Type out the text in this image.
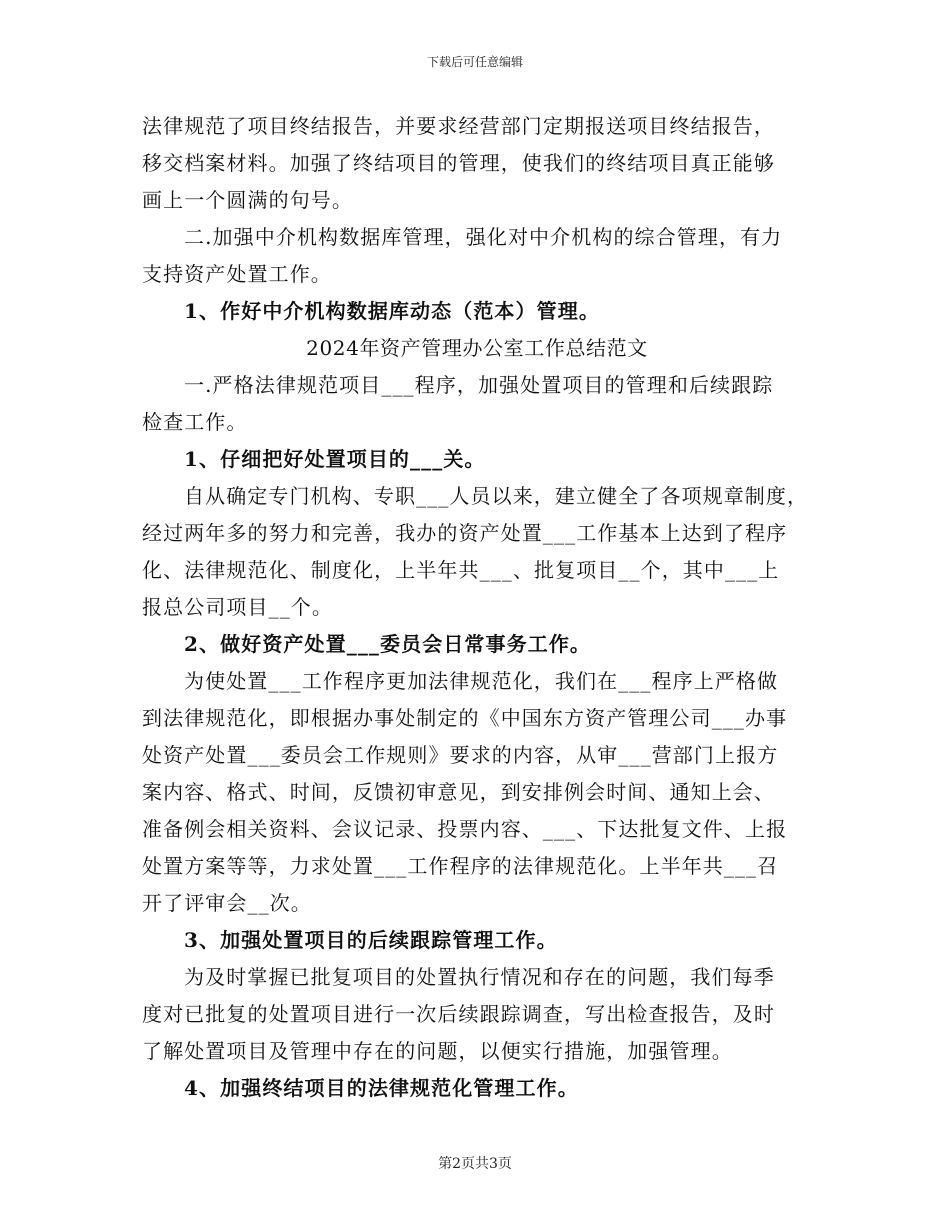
下载后可任意编辑
法律规范了项目终结报告，并要求经营部门定期报送项目终结报告，
移交档案材料。加强了终结项目的管理，使我们的终结项目真正能够
画上一个圆满的句号。
二.加强中介机构数据库管理，强化对中介机构的综合管理，有力
支持资产处置工作。
1、作好中介机构数据库动态（范本）管理。
2024年资产管理办公室工作总结范文
一.严格法律规范项目___程序，加强处置项目的管理和后续跟踪
检查工作。
1、仔细把好处置项目的___关。
自从确定专门机构、专职___人员以来，建立健全了各项规章制度，
经过两年多的努力和完善，我办的资产处置___工作基本上达到了程序
化、法律规范化、制度化，上半年共___、批复项目__个，其中___上
报总公司项目__个。
2、做好资产处置___委员会日常事务工作。
为使处置___工作程序更加法律规范化，我们在___程序上严格做
到法律规范化，即根据办事处制定的《中国东方资产管理公司___办事
处资产处置___委员会工作规则》要求的内容，从审___营部门上报方
案内容、格式、时间，反馈初审意见，到安排例会时间、通知上会、
准备例会相关资料、会议记录、投票内容、___、下达批复文件、上报
处置方案等等，力求处置___工作程序的法律规范化。上半年共___召
开了评审会__次。
3、加强处置项目的后续跟踪管理工作。
为及时掌握已批复项目的处置执行情况和存在的问题，我们每季
度对已批复的处置项目进行一次后续跟踪调查，写出检查报告，及时
了解处置项目及管理中存在的问题，以便实行措施，加强管理。
4、加强终结项目的法律规范化管理工作。
第2页共3页
